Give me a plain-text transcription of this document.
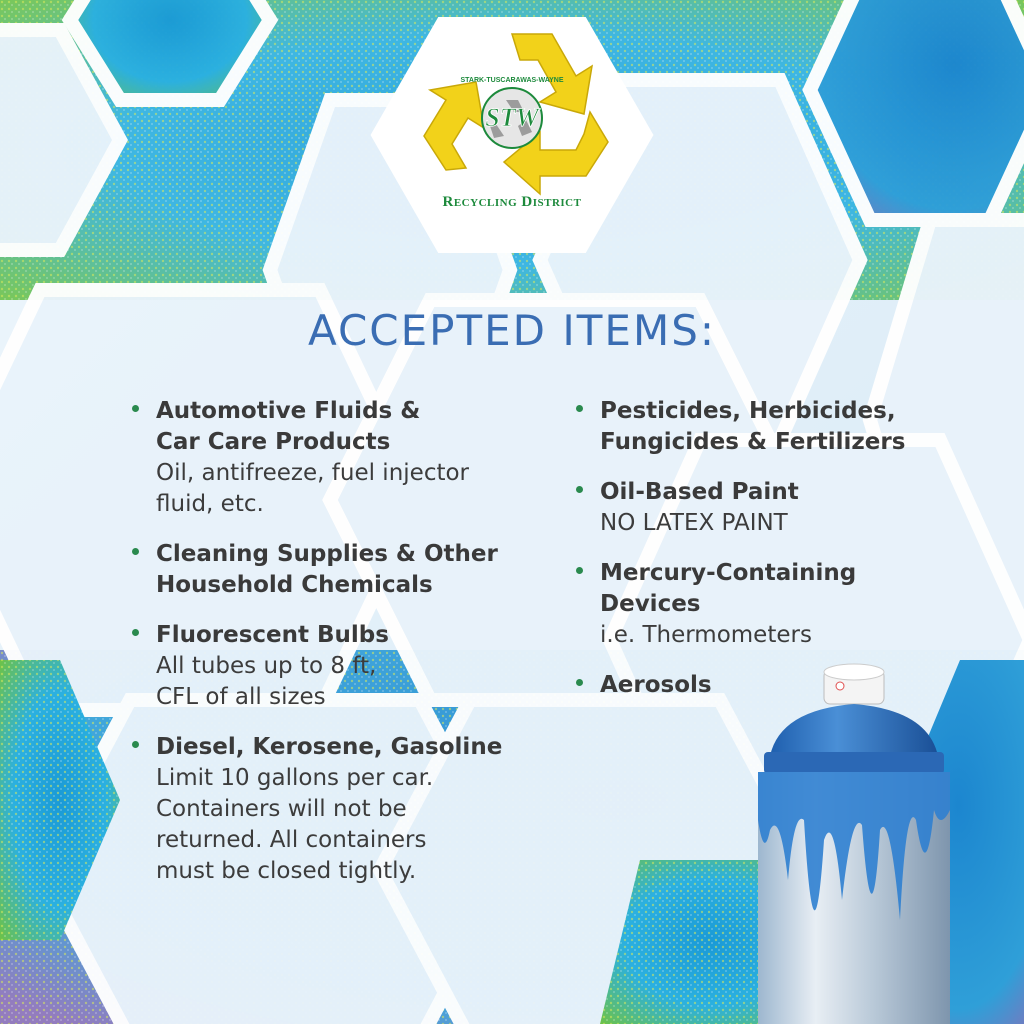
STARK-TUSCARAWAS-WAYNE
STW
Recycling District
ACCEPTED ITEMS:
Automotive Fluids &
Car Care Products
Oil, antifreeze, fuel injector
fluid, etc.
Cleaning Supplies & Other
Household Chemicals
Fluorescent Bulbs
All tubes up to 8 ft,
CFL of all sizes
Diesel, Kerosene, Gasoline
Limit 10 gallons per car.
Containers will not be
returned. All containers
must be closed tightly.
Pesticides, Herbicides,
Fungicides & Fertilizers
Oil-Based Paint
NO LATEX PAINT
Mercury-Containing
Devices
i.e. Thermometers
Aerosols
